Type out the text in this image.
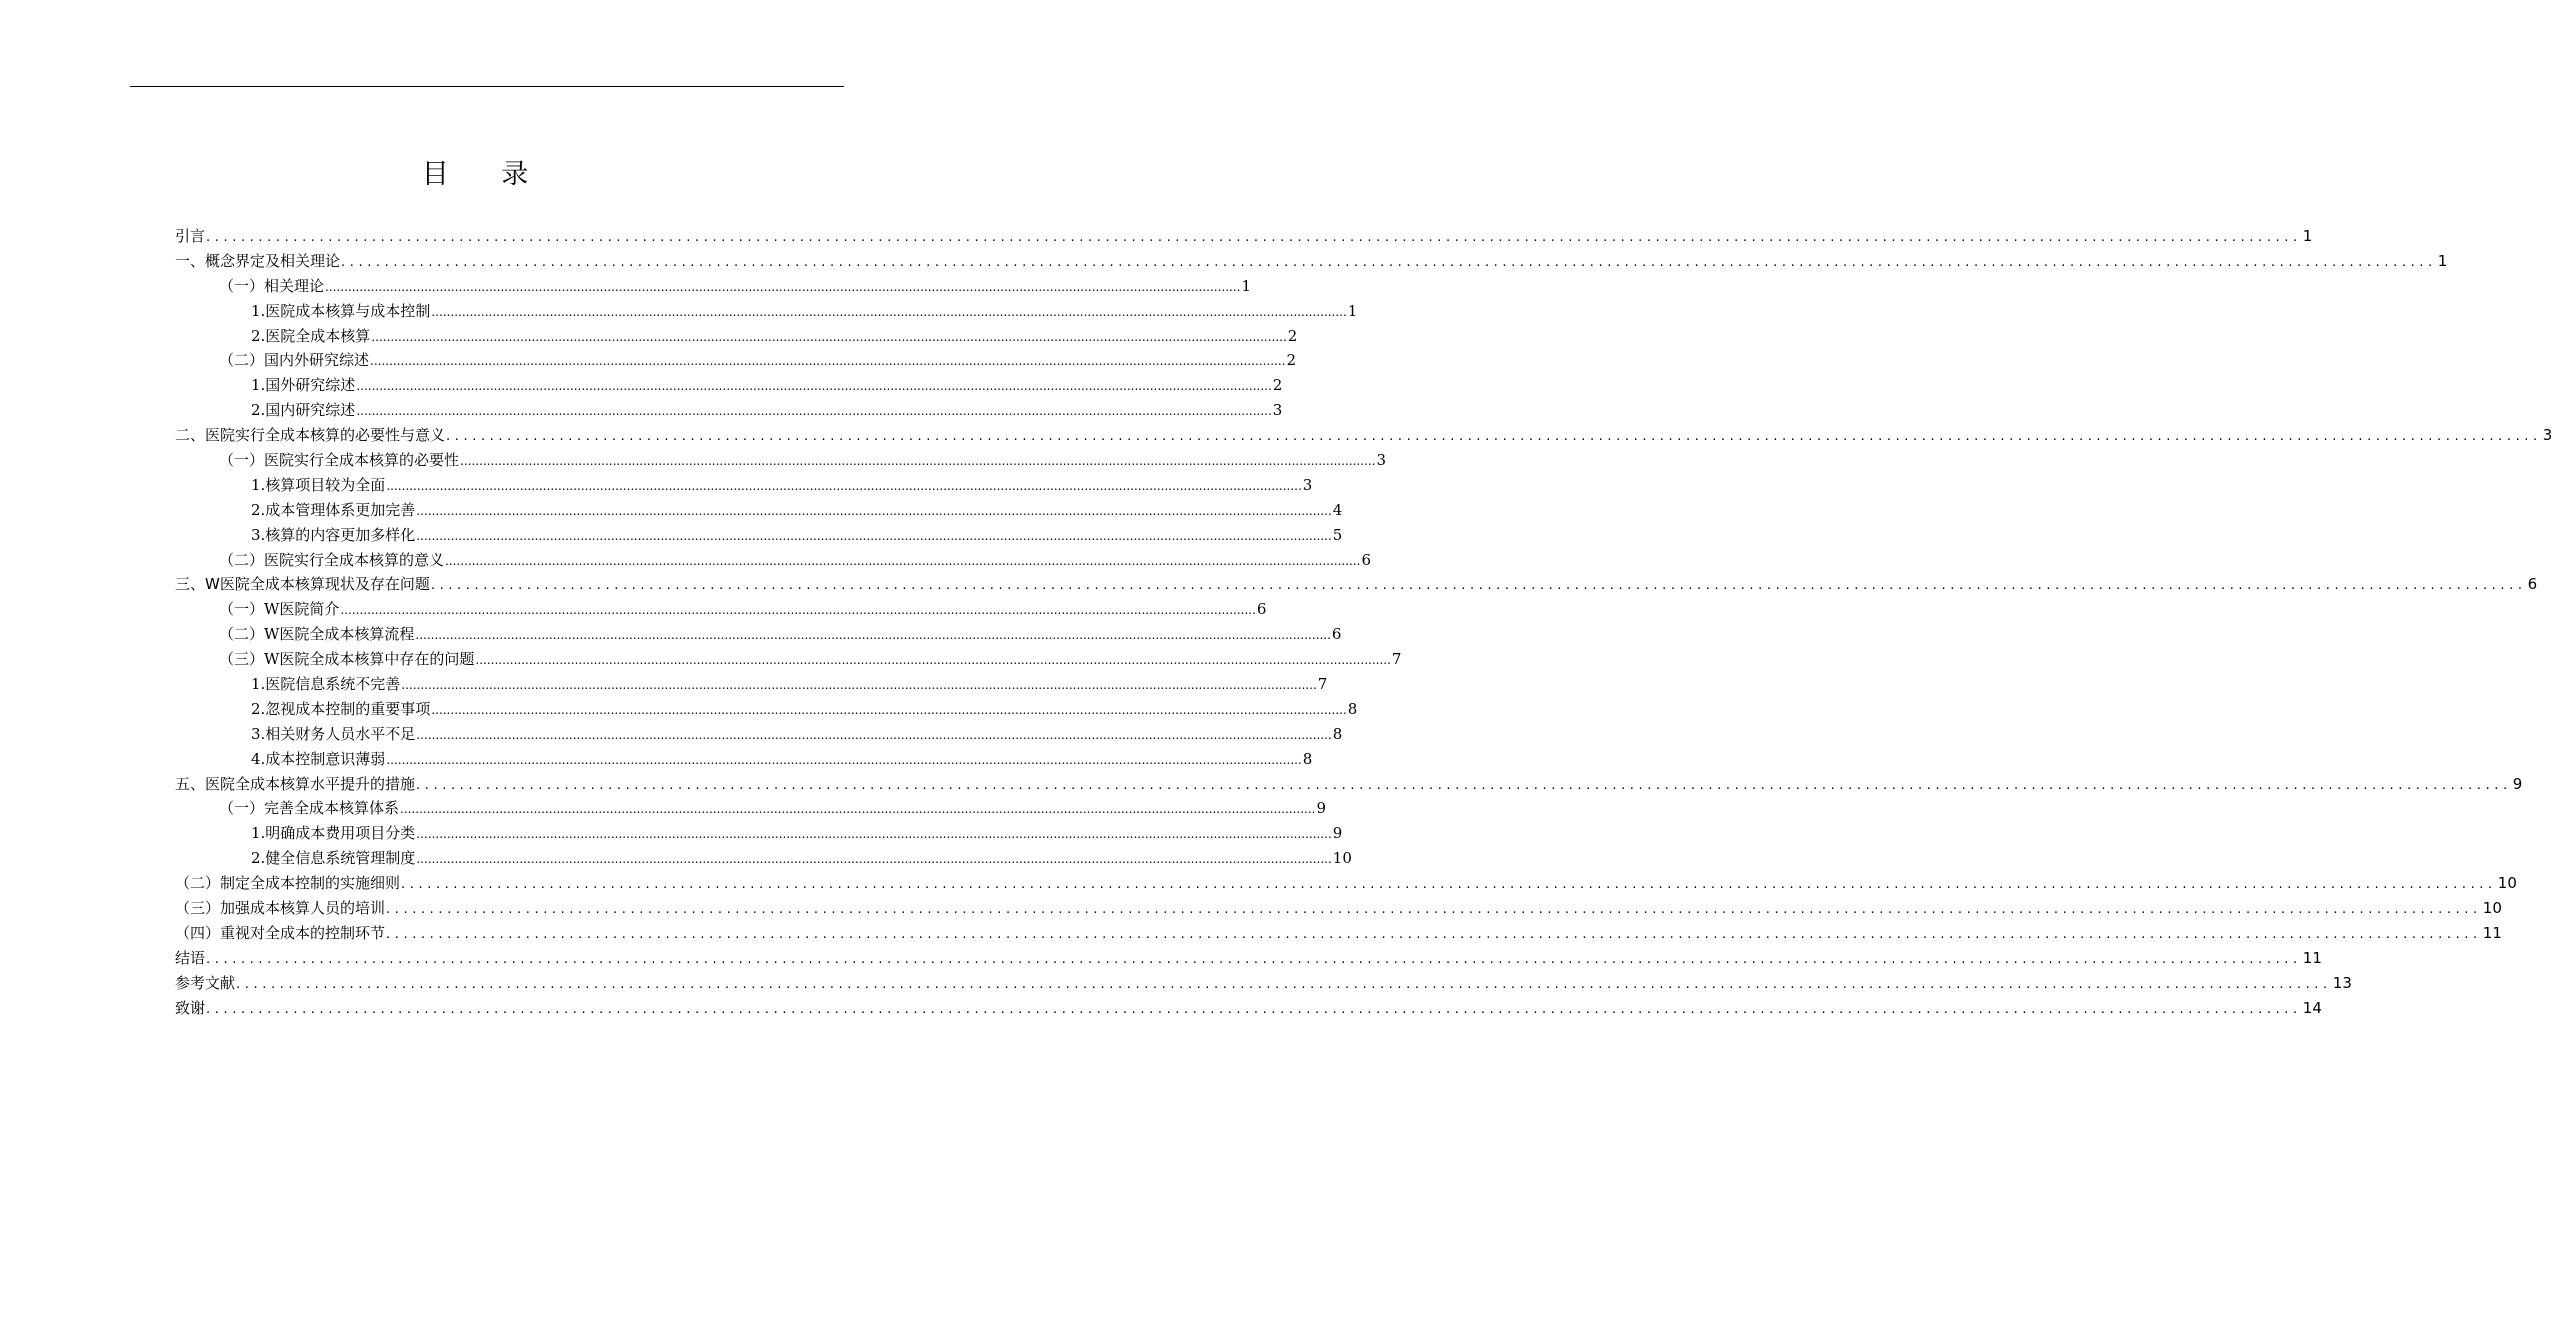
目 录
引言 ................................................................................................................................................................................................................................................ 1
一、概念界定及相关理论 ................................................................................................................................................................................................................................................ 1
（一）相关理论 ................................................................................................................................................................................................................................................ 1
1.医院成本核算与成本控制 ................................................................................................................................................................................................................................................ 1
2.医院全成本核算 ................................................................................................................................................................................................................................................ 2
（二）国内外研究综述 ................................................................................................................................................................................................................................................ 2
1.国外研究综述 ................................................................................................................................................................................................................................................ 2
2.国内研究综述 ................................................................................................................................................................................................................................................ 3
二、医院实行全成本核算的必要性与意义 ................................................................................................................................................................................................................................................ 3
（一）医院实行全成本核算的必要性 ................................................................................................................................................................................................................................................ 3
1.核算项目较为全面 ................................................................................................................................................................................................................................................ 3
2.成本管理体系更加完善 ................................................................................................................................................................................................................................................ 4
3.核算的内容更加多样化 ................................................................................................................................................................................................................................................ 5
（二）医院实行全成本核算的意义 ................................................................................................................................................................................................................................................ 6
三、W医院全成本核算现状及存在问题 ................................................................................................................................................................................................................................................ 6
（一）W医院简介 ................................................................................................................................................................................................................................................ 6
（二）W医院全成本核算流程 ................................................................................................................................................................................................................................................ 6
（三）W医院全成本核算中存在的问题 ................................................................................................................................................................................................................................................ 7
1.医院信息系统不完善 ................................................................................................................................................................................................................................................ 7
2.忽视成本控制的重要事项 ................................................................................................................................................................................................................................................ 8
3.相关财务人员水平不足 ................................................................................................................................................................................................................................................ 8
4.成本控制意识薄弱 ................................................................................................................................................................................................................................................ 8
五、医院全成本核算水平提升的措施 ................................................................................................................................................................................................................................................ 9
（一）完善全成本核算体系 ................................................................................................................................................................................................................................................ 9
1.明确成本费用项目分类 ................................................................................................................................................................................................................................................ 9
2.健全信息系统管理制度 ................................................................................................................................................................................................................................................ 10
（二）制定全成本控制的实施细则 ................................................................................................................................................................................................................................................ 10
（三）加强成本核算人员的培训 ................................................................................................................................................................................................................................................ 10
（四）重视对全成本的控制环节 ................................................................................................................................................................................................................................................ 11
结语 ................................................................................................................................................................................................................................................ 11
参考文献 ................................................................................................................................................................................................................................................ 13
致谢 ................................................................................................................................................................................................................................................ 14
